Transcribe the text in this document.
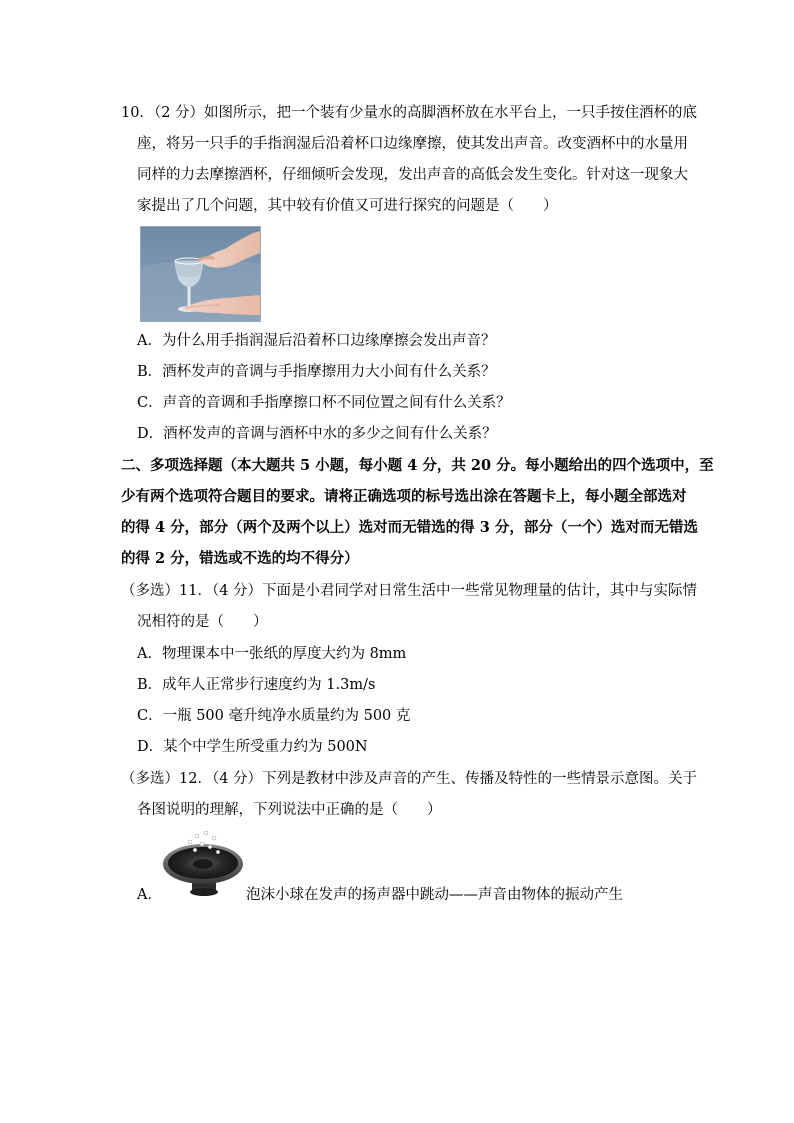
10．（2 分）如图所示，把一个装有少量水的高脚酒杯放在水平台上，一只手按住酒杯的底
座，将另一只手的手指润湿后沿着杯口边缘摩擦，使其发出声音。改变酒杯中的水量用
同样的力去摩擦酒杯，仔细倾听会发现，发出声音的高低会发生变化。针对这一现象大
家提出了几个问题，其中较有价值又可进行探究的问题是（　　）
A．为什么用手指润湿后沿着杯口边缘摩擦会发出声音？
B．酒杯发声的音调与手指摩擦用力大小间有什么关系？
C．声音的音调和手指摩擦口杯不同位置之间有什么关系？
D．酒杯发声的音调与酒杯中水的多少之间有什么关系？
二、多项选择题（本大题共 5 小题，每小题 4 分，共 20 分。每小题给出的四个选项中，至
少有两个选项符合题目的要求。请将正确选项的标号选出涂在答题卡上，每小题全部选对
的得 4 分，部分（两个及两个以上）选对而无错选的得 3 分，部分（一个）选对而无错选
的得 2 分，错选或不选的均不得分）
（多选）11．（4 分）下面是小君同学对日常生活中一些常见物理量的估计，其中与实际情
况相符的是（　　）
A．物理课本中一张纸的厚度大约为 8mm
B．成年人正常步行速度约为 1.3m/s
C．一瓶 500 毫升纯净水质量约为 500 克
D．某个中学生所受重力约为 500N
（多选）12．（4 分）下列是教材中涉及声音的产生、传播及特性的一些情景示意图。关于
各图说明的理解，下列说法中正确的是（　　）
A．	泡沫小球在发声的扬声器中跳动——声音由物体的振动产生
